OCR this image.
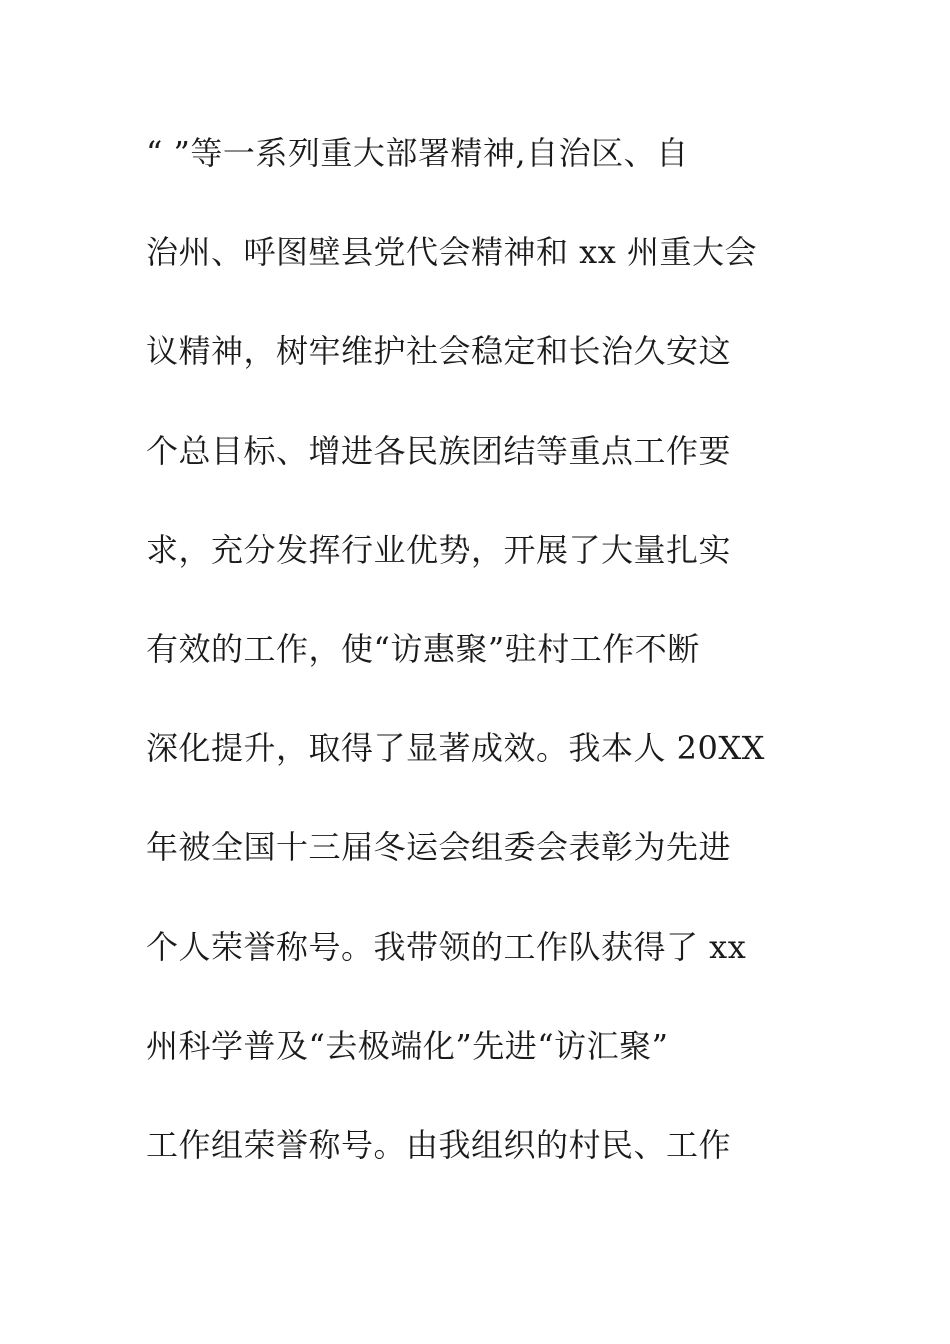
“ ”等一系列重大部署精神,自治区、自
治州、呼图壁县党代会精神和 xx 州重大会
议精神，树牢维护社会稳定和长治久安这
个总目标、增进各民族团结等重点工作要
求，充分发挥行业优势，开展了大量扎实
有效的工作，使“访惠聚”驻村工作不断
深化提升，取得了显著成效。我本人 20XX
年被全国十三届冬运会组委会表彰为先进
个人荣誉称号。我带领的工作队获得了 xx
州科学普及“去极端化”先进“访汇聚”
工作组荣誉称号。由我组织的村民、工作
